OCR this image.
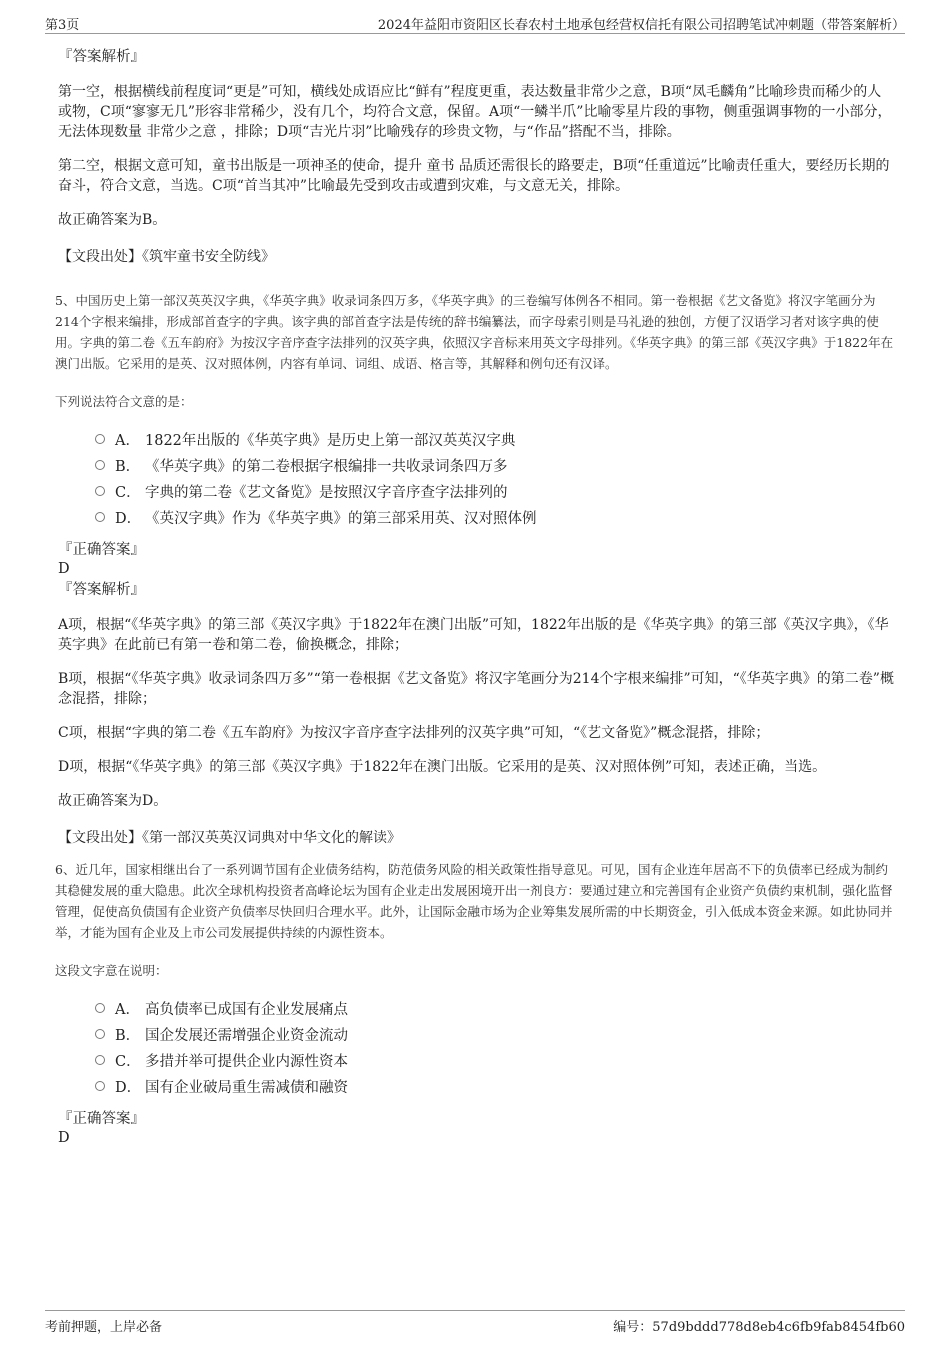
第3页	2024年益阳市资阳区长春农村土地承包经营权信托有限公司招聘笔试冲刺题（带答案解析）
『答案解析』

第一空，根据横线前程度词“更是”可知，横线处成语应比“鲜有”程度更重，表达数量非常少之意，B项“凤毛麟角”比喻珍贵而稀少的人或物，C项“寥寥无几”形容非常稀少，没有几个，均符合文意，保留。A项“一鳞半爪”比喻零星片段的事物，侧重强调事物的一小部分，无法体现数量 非常少之意 ，排除；D项“吉光片羽”比喻残存的珍贵文物，与“作品”搭配不当，排除。

第二空，根据文意可知，童书出版是一项神圣的使命，提升 童书 品质还需很长的路要走，B项“任重道远”比喻责任重大，要经历长期的奋斗，符合文意，当选。C项“首当其冲”比喻最先受到攻击或遭到灾难，与文意无关，排除。

故正确答案为B。

【文段出处】《筑牢童书安全防线》

5、中国历史上第一部汉英英汉字典，《华英字典》收录词条四万多，《华英字典》的三卷编写体例各不相同。第一卷根据《艺文备览》将汉字笔画分为214个字根来编排，形成部首查字的字典。该字典的部首查字法是传统的辞书编纂法，而字母索引则是马礼逊的独创，方便了汉语学习者对该字典的使用。字典的第二卷《五车韵府》为按汉字音序查字法排列的汉英字典，依照汉字音标来用英文字母排列。《华英字典》的第三部《英汉字典》于1822年在澳门出版。它采用的是英、汉对照体例，内容有单词、词组、成语、格言等，其解释和例句还有汉译。

下列说法符合文意的是：

A． 1822年出版的《华英字典》是历史上第一部汉英英汉字典
B． 《华英字典》的第二卷根据字根编排一共收录词条四万多
C． 字典的第二卷《艺文备览》是按照汉字音序查字法排列的
D． 《英汉字典》作为《华英字典》的第三部采用英、汉对照体例
『正确答案』
D
『答案解析』

A项，根据“《华英字典》的第三部《英汉字典》于1822年在澳门出版”可知，1822年出版的是《华英字典》的第三部《英汉字典》，《华英字典》在此前已有第一卷和第二卷，偷换概念，排除；

B项，根据“《华英字典》收录词条四万多”“第一卷根据《艺文备览》将汉字笔画分为214个字根来编排”可知，“《华英字典》的第二卷”概念混搭，排除；

C项，根据“字典的第二卷《五车韵府》为按汉字音序查字法排列的汉英字典”可知，“《艺文备览》”概念混搭，排除；

D项，根据“《华英字典》的第三部《英汉字典》于1822年在澳门出版。它采用的是英、汉对照体例”可知，表述正确，当选。

故正确答案为D。

【文段出处】《第一部汉英英汉词典对中华文化的解读》

6、近几年，国家相继出台了一系列调节国有企业债务结构，防范债务风险的相关政策性指导意见。可见，国有企业连年居高不下的负债率已经成为制约其稳健发展的重大隐患。此次全球机构投资者高峰论坛为国有企业走出发展困境开出一剂良方：要通过建立和完善国有企业资产负债约束机制，强化监督管理，促使高负债国有企业资产负债率尽快回归合理水平。此外，让国际金融市场为企业筹集发展所需的中长期资金，引入低成本资金来源。如此协同并举，才能为国有企业及上市公司发展提供持续的内源性资本。

这段文字意在说明：

A． 高负债率已成国有企业发展痛点
B． 国企发展还需增强企业资金流动
C． 多措并举可提供企业内源性资本
D． 国有企业破局重生需减债和融资
『正确答案』
D
考前押题，上岸必备	编号：57d9bddd778d8eb4c6fb9fab8454fb60
